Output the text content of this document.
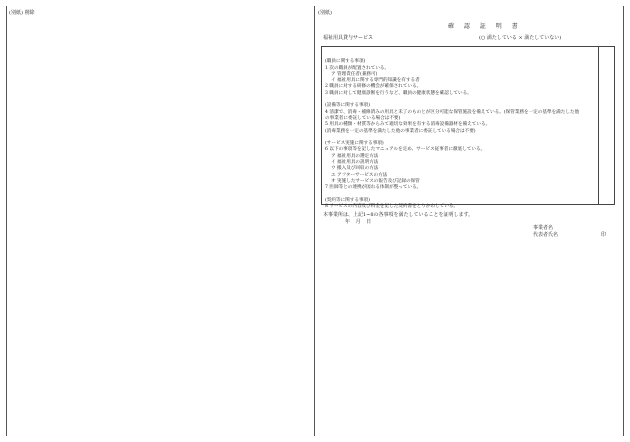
(別紙) 削除	(別紙)
確 認 証 明 書
福祉用具貸与サービス	(○ 満たしている × 満たしていない)

(職員に関する事項)
1 次の職員が配置されている。
ア 管理責任者(兼務可)
イ 福祉用具に関する専門的知識を有する者
2 職員に対する研修の機会が確保されている。
3 職員に対して健康診断を行うなど、職員の健康状態を確認している。

(設備等に関する事項)
4 清潔で、消毒・補修済みの用具と未了のものとが区分可能な保管施設を備えている。(保管業務を一定の基準を満たした他
の事業者に委託している場合は不要)
5 用具の種類・材質等からみて適切な効果を有する消毒設備器材を備えている。
(消毒業務を一定の基準を満たした他の事業者に委託している場合は不要)

(サービス実施に関する事項)
6 以下の事項等を記したマニュアルを定め、サービス従事者に徹底している。
ア 福祉用具の選定方法
イ 福祉用具の説明方法
ウ 搬入及び回収の方法
エ アフターサービスの方法
オ 実施したサービスの報告及び記録の保管
7 医師等との連携が図れる体制が整っている。

(契約等に関する事項)
8 サービスの内容及び料金を記した契約書をとりかわしている。
本事業所は、上記1~8の各事項を満たしていることを証明します。
年 月 日
事業者名
代表者氏名	印
